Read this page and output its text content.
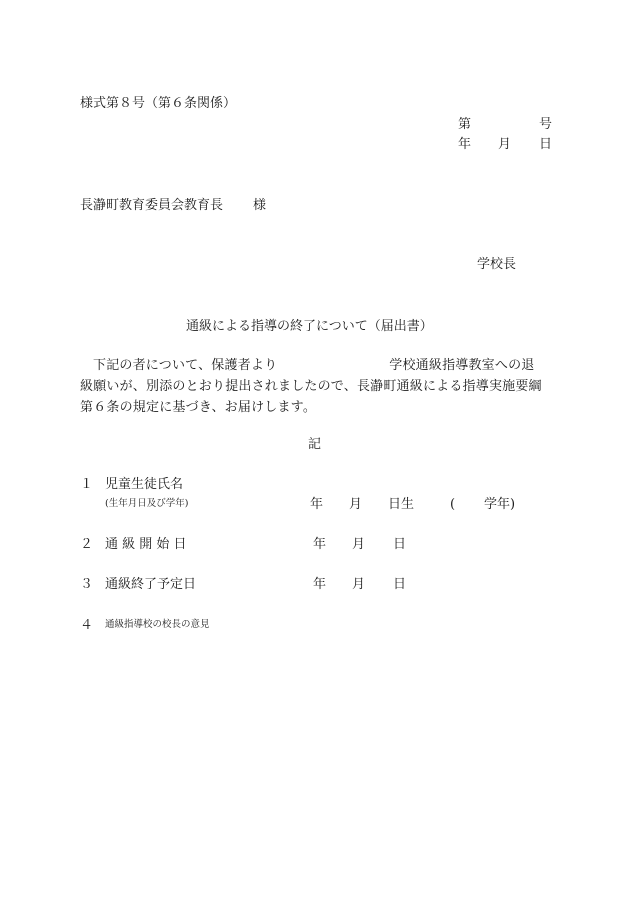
様式第８号（第６条関係）
第	号
年 月 日
長瀞町教育委員会教育長 様
学校長
通級による指導の終了について（届出書）

下記の者について、保護者より	学校通級指導教室への退

級願いが、別添のとおり提出されましたので、長瀞町通級による指導実施要綱

第６条の規定に基づき、お届けします。

記
１ 児童生徒氏名
(生年月日及び学年)	年 月 日生	( 学年)
２ 通 級 開 始 日	年 月 日
３ 通級終了予定日	年 月 日
４ 通級指導校の校長の意見
